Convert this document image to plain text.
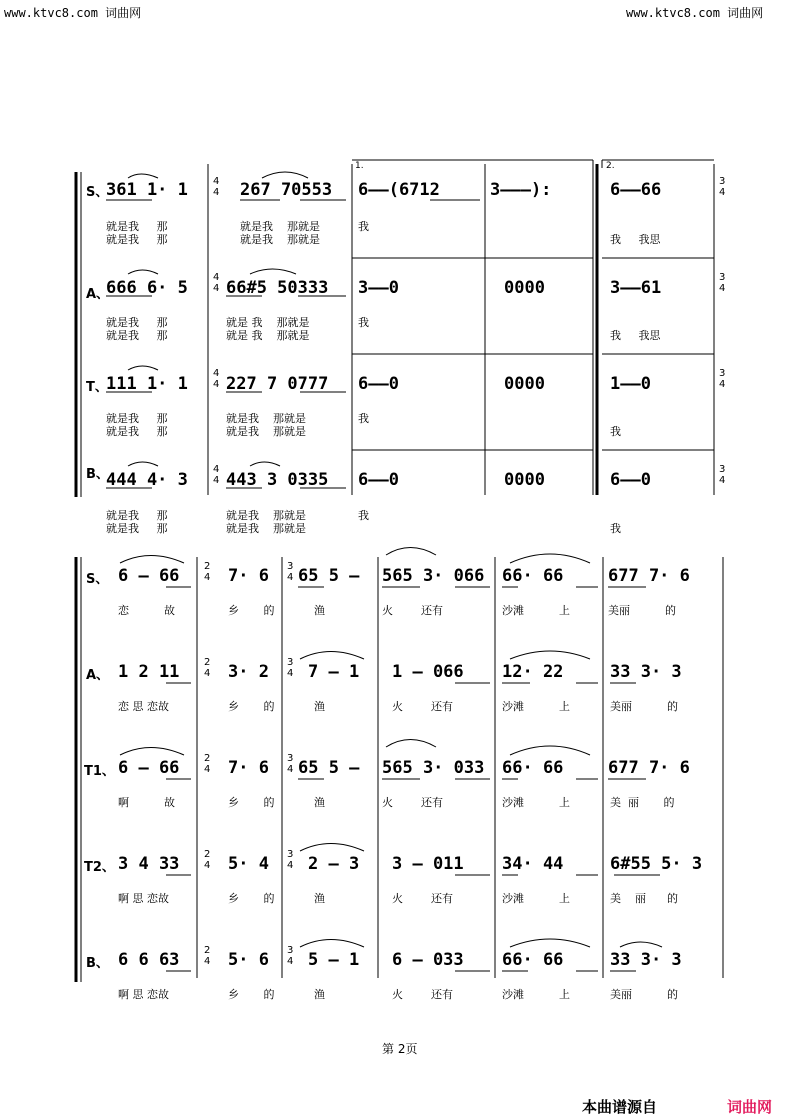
www.ktvc8.com 词曲网	www.ktvc8.com 词曲网
1.	2.
4
4
4
4
4
4
4
4
3
4
3
4
3
4
3
4
S、
361 1· 1	267 70553 6——(6712	3———):	6——66
就是我     那	就是我    那就是	我
我     我思
就是我     那	就是我    那就是
A、
666 6· 5 66#5 50333 3——0	0000	3——61
就是我     那	就是 我    那就是	我
我     我思
就是我     那	就是 我    那就是
T、
111 1· 1 227 7 0777 6——0	0000	1——0
就是我     那	就是我    那就是	我
我
就是我     那	就是我    那就是
B、
444 4· 3 443 3 0335 6——0	0000	6——0
就是我     那	就是我    那就是	我
我
就是我     那	就是我    那就是
2
4
3
4
2
4
3
4
2
4
3
4
2
4
3
4
2
4
3
4
S、 6 — 66	7· 6 65 5 — 565 3· 066 66· 66	677 7· 6
恋          故	乡       的	渔	火        还有	沙滩          上	美丽          的
A、 1 2 11	3· 2 7 — 1 1 — 066 12· 22	33 3· 3
恋 思 恋故	乡       的	渔	火        还有	沙滩          上	美丽          的
T1、 6 — 66	7· 6 65 5 — 565 3· 033 66· 66	677 7· 6
啊          故	乡       的	渔	火        还有	沙滩          上	美  丽       的
T2、 3 4 33	5· 4 2 — 3 3 — 011 34· 44	6#55 5· 3
啊 思 恋故	乡       的	渔	火        还有	沙滩          上	美    丽      的
B、 6 6 63	5· 6 5 — 1 6 — 033 66· 66	33 3· 3
啊 思 恋故	乡       的	渔	火        还有	沙滩          上	美丽          的
第 2页
本曲谱源自	词曲网
